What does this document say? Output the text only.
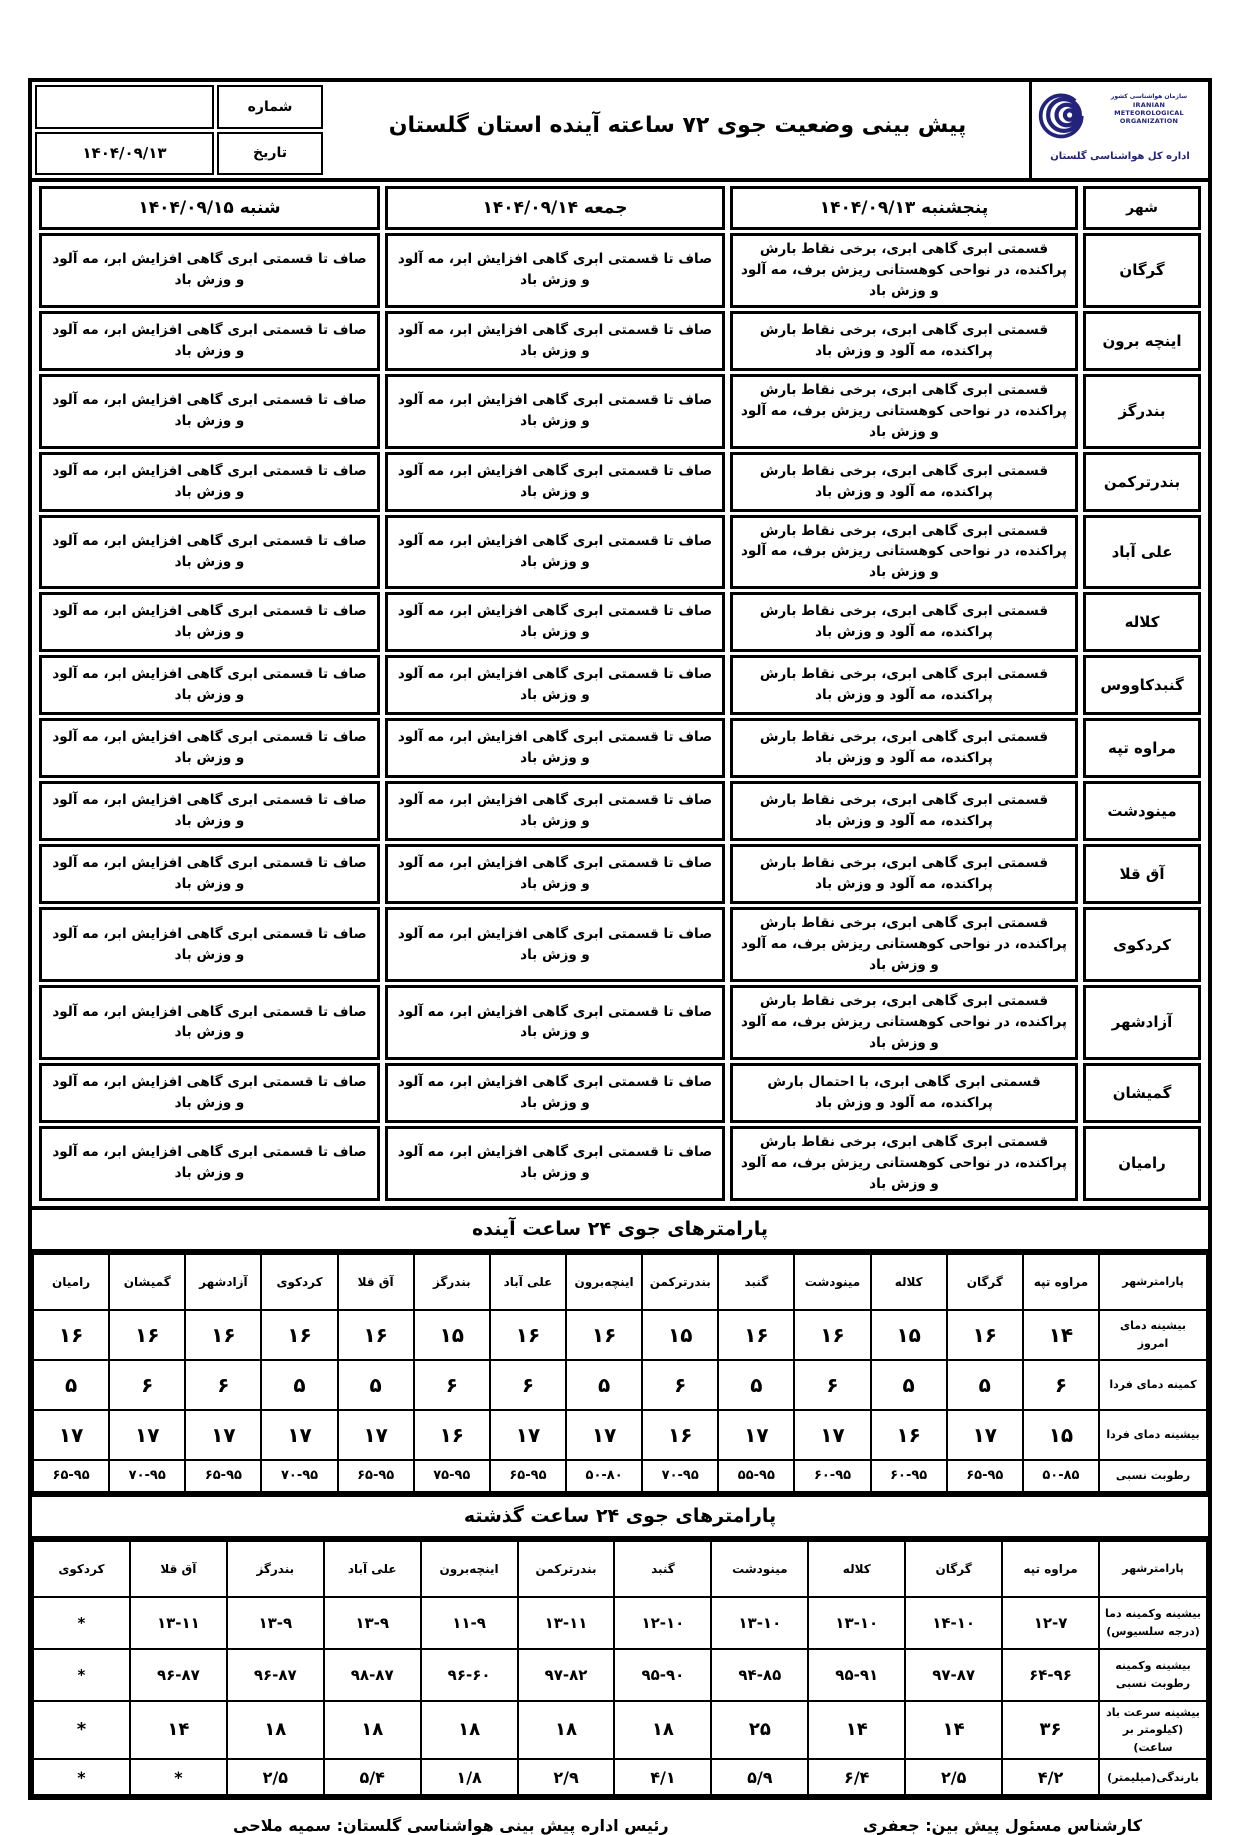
سازمان هواشناسی کشور
IRANIAN
METEOROLOGICAL
ORGANIZATION
اداره کل هواشناسی گلستان
پیش بینی وضعیت جوی ۷۲ ساعته آینده استان گلستان
شماره
تاریخ
۱۴۰۴/۰۹/۱۳
شهر	پنجشنبه ۱۴۰۴/۰۹/۱۳	جمعه ۱۴۰۴/۰۹/۱۴	شنبه ۱۴۰۴/۰۹/۱۵
گرگان	قسمتی ابری گاهی ابری، برخی نقاط بارش پراکنده، در نواحی کوهستانی ریزش برف، مه آلود و وزش باد	صاف تا قسمتی ابری گاهی افزایش ابر، مه آلود و وزش باد	صاف تا قسمتی ابری گاهی افزایش ابر، مه آلود و وزش باد
اینچه برون	قسمتی ابری گاهی ابری، برخی نقاط بارش پراکنده، مه آلود و وزش باد	صاف تا قسمتی ابری گاهی افزایش ابر، مه آلود و وزش باد	صاف تا قسمتی ابری گاهی افزایش ابر، مه آلود و وزش باد
بندرگز	قسمتی ابری گاهی ابری، برخی نقاط بارش پراکنده، در نواحی کوهستانی ریزش برف، مه آلود و وزش باد	صاف تا قسمتی ابری گاهی افزایش ابر، مه آلود و وزش باد	صاف تا قسمتی ابری گاهی افزایش ابر، مه آلود و وزش باد
بندرترکمن	قسمتی ابری گاهی ابری، برخی نقاط بارش پراکنده، مه آلود و وزش باد	صاف تا قسمتی ابری گاهی افزایش ابر، مه آلود و وزش باد	صاف تا قسمتی ابری گاهی افزایش ابر، مه آلود و وزش باد
علی آباد	قسمتی ابری گاهی ابری، برخی نقاط بارش پراکنده، در نواحی کوهستانی ریزش برف، مه آلود و وزش باد	صاف تا قسمتی ابری گاهی افزایش ابر، مه آلود و وزش باد	صاف تا قسمتی ابری گاهی افزایش ابر، مه آلود و وزش باد
کلاله	قسمتی ابری گاهی ابری، برخی نقاط بارش پراکنده، مه آلود و وزش باد	صاف تا قسمتی ابری گاهی افزایش ابر، مه آلود و وزش باد	صاف تا قسمتی ابری گاهی افزایش ابر، مه آلود و وزش باد
گنبدکاووس	قسمتی ابری گاهی ابری، برخی نقاط بارش پراکنده، مه آلود و وزش باد	صاف تا قسمتی ابری گاهی افزایش ابر، مه آلود و وزش باد	صاف تا قسمتی ابری گاهی افزایش ابر، مه آلود و وزش باد
مراوه تپه	قسمتی ابری گاهی ابری، برخی نقاط بارش پراکنده، مه آلود و وزش باد	صاف تا قسمتی ابری گاهی افزایش ابر، مه آلود و وزش باد	صاف تا قسمتی ابری گاهی افزایش ابر، مه آلود و وزش باد
مینودشت	قسمتی ابری گاهی ابری، برخی نقاط بارش پراکنده، مه آلود و وزش باد	صاف تا قسمتی ابری گاهی افزایش ابر، مه آلود و وزش باد	صاف تا قسمتی ابری گاهی افزایش ابر، مه آلود و وزش باد
آق قلا	قسمتی ابری گاهی ابری، برخی نقاط بارش پراکنده، مه آلود و وزش باد	صاف تا قسمتی ابری گاهی افزایش ابر، مه آلود و وزش باد	صاف تا قسمتی ابری گاهی افزایش ابر، مه آلود و وزش باد
کردکوی	قسمتی ابری گاهی ابری، برخی نقاط بارش پراکنده، در نواحی کوهستانی ریزش برف، مه آلود و وزش باد	صاف تا قسمتی ابری گاهی افزایش ابر، مه آلود و وزش باد	صاف تا قسمتی ابری گاهی افزایش ابر، مه آلود و وزش باد
آزادشهر	قسمتی ابری گاهی ابری، برخی نقاط بارش پراکنده، در نواحی کوهستانی ریزش برف، مه آلود و وزش باد	صاف تا قسمتی ابری گاهی افزایش ابر، مه آلود و وزش باد	صاف تا قسمتی ابری گاهی افزایش ابر، مه آلود و وزش باد
گمیشان	قسمتی ابری گاهی ابری، با احتمال بارش پراکنده، مه آلود و وزش باد	صاف تا قسمتی ابری گاهی افزایش ابر، مه آلود و وزش باد	صاف تا قسمتی ابری گاهی افزایش ابر، مه آلود و وزش باد
رامیان	قسمتی ابری گاهی ابری، برخی نقاط بارش پراکنده، در نواحی کوهستانی ریزش برف، مه آلود و وزش باد	صاف تا قسمتی ابری گاهی افزایش ابر، مه آلود و وزش باد	صاف تا قسمتی ابری گاهی افزایش ابر، مه آلود و وزش باد
پارامترهای جوی ۲۴ ساعت آینده
پارامترشهر	مراوه تپه	گرگان	کلاله	مینودشت	گنبد	بندرترکمن	اینچه‌برون	علی آباد	بندرگز	آق قلا	کردکوی	آزادشهر	گمیشان	رامیان
بیشینه دمای امروز	۱۴	۱۶	۱۵	۱۶	۱۶	۱۵	۱۶	۱۶	۱۵	۱۶	۱۶	۱۶	۱۶	۱۶
کمینه دمای فردا	۶	۵	۵	۶	۵	۶	۵	۶	۶	۵	۵	۶	۶	۵
بیشینه دمای فردا	۱۵	۱۷	۱۶	۱۷	۱۷	۱۶	۱۷	۱۷	۱۶	۱۷	۱۷	۱۷	۱۷	۱۷
رطوبت نسبی	۵۰-۸۵	۶۵-۹۵	۶۰-۹۵	۶۰-۹۵	۵۵-۹۵	۷۰-۹۵	۵۰-۸۰	۶۵-۹۵	۷۵-۹۵	۶۵-۹۵	۷۰-۹۵	۶۵-۹۵	۷۰-۹۵	۶۵-۹۵
پارامترهای جوی ۲۴ ساعت گذشته
پارامترشهر	مراوه تپه	گرگان	کلاله	مینودشت	گنبد	بندرترکمن	اینچه‌برون	علی آباد	بندرگز	آق قلا	کردکوی
بیشینه وکمینه دما (درجه سلسیوس)	۱۲-۷	۱۴-۱۰	۱۳-۱۰	۱۳-۱۰	۱۲-۱۰	۱۳-۱۱	۱۱-۹	۱۳-۹	۱۳-۹	۱۳-۱۱	*
بیشینه وکمینه رطوبت نسبی	۶۴-۹۶	۹۷-۸۷	۹۵-۹۱	۹۴-۸۵	۹۵-۹۰	۹۷-۸۲	۹۶-۶۰	۹۸-۸۷	۹۶-۸۷	۹۶-۸۷	*
بیشینه سرعت باد (کیلومتر بر ساعت)	۳۶	۱۴	۱۴	۲۵	۱۸	۱۸	۱۸	۱۸	۱۸	۱۴	*
بارندگی(میلیمتر)	۴/۲	۲/۵	۶/۴	۵/۹	۴/۱	۲/۹	۱/۸	۵/۴	۲/۵	*	*
کارشناس مسئول پیش بین: جعفری
رئیس اداره پیش بینی هواشناسی گلستان: سمیه ملاحی
